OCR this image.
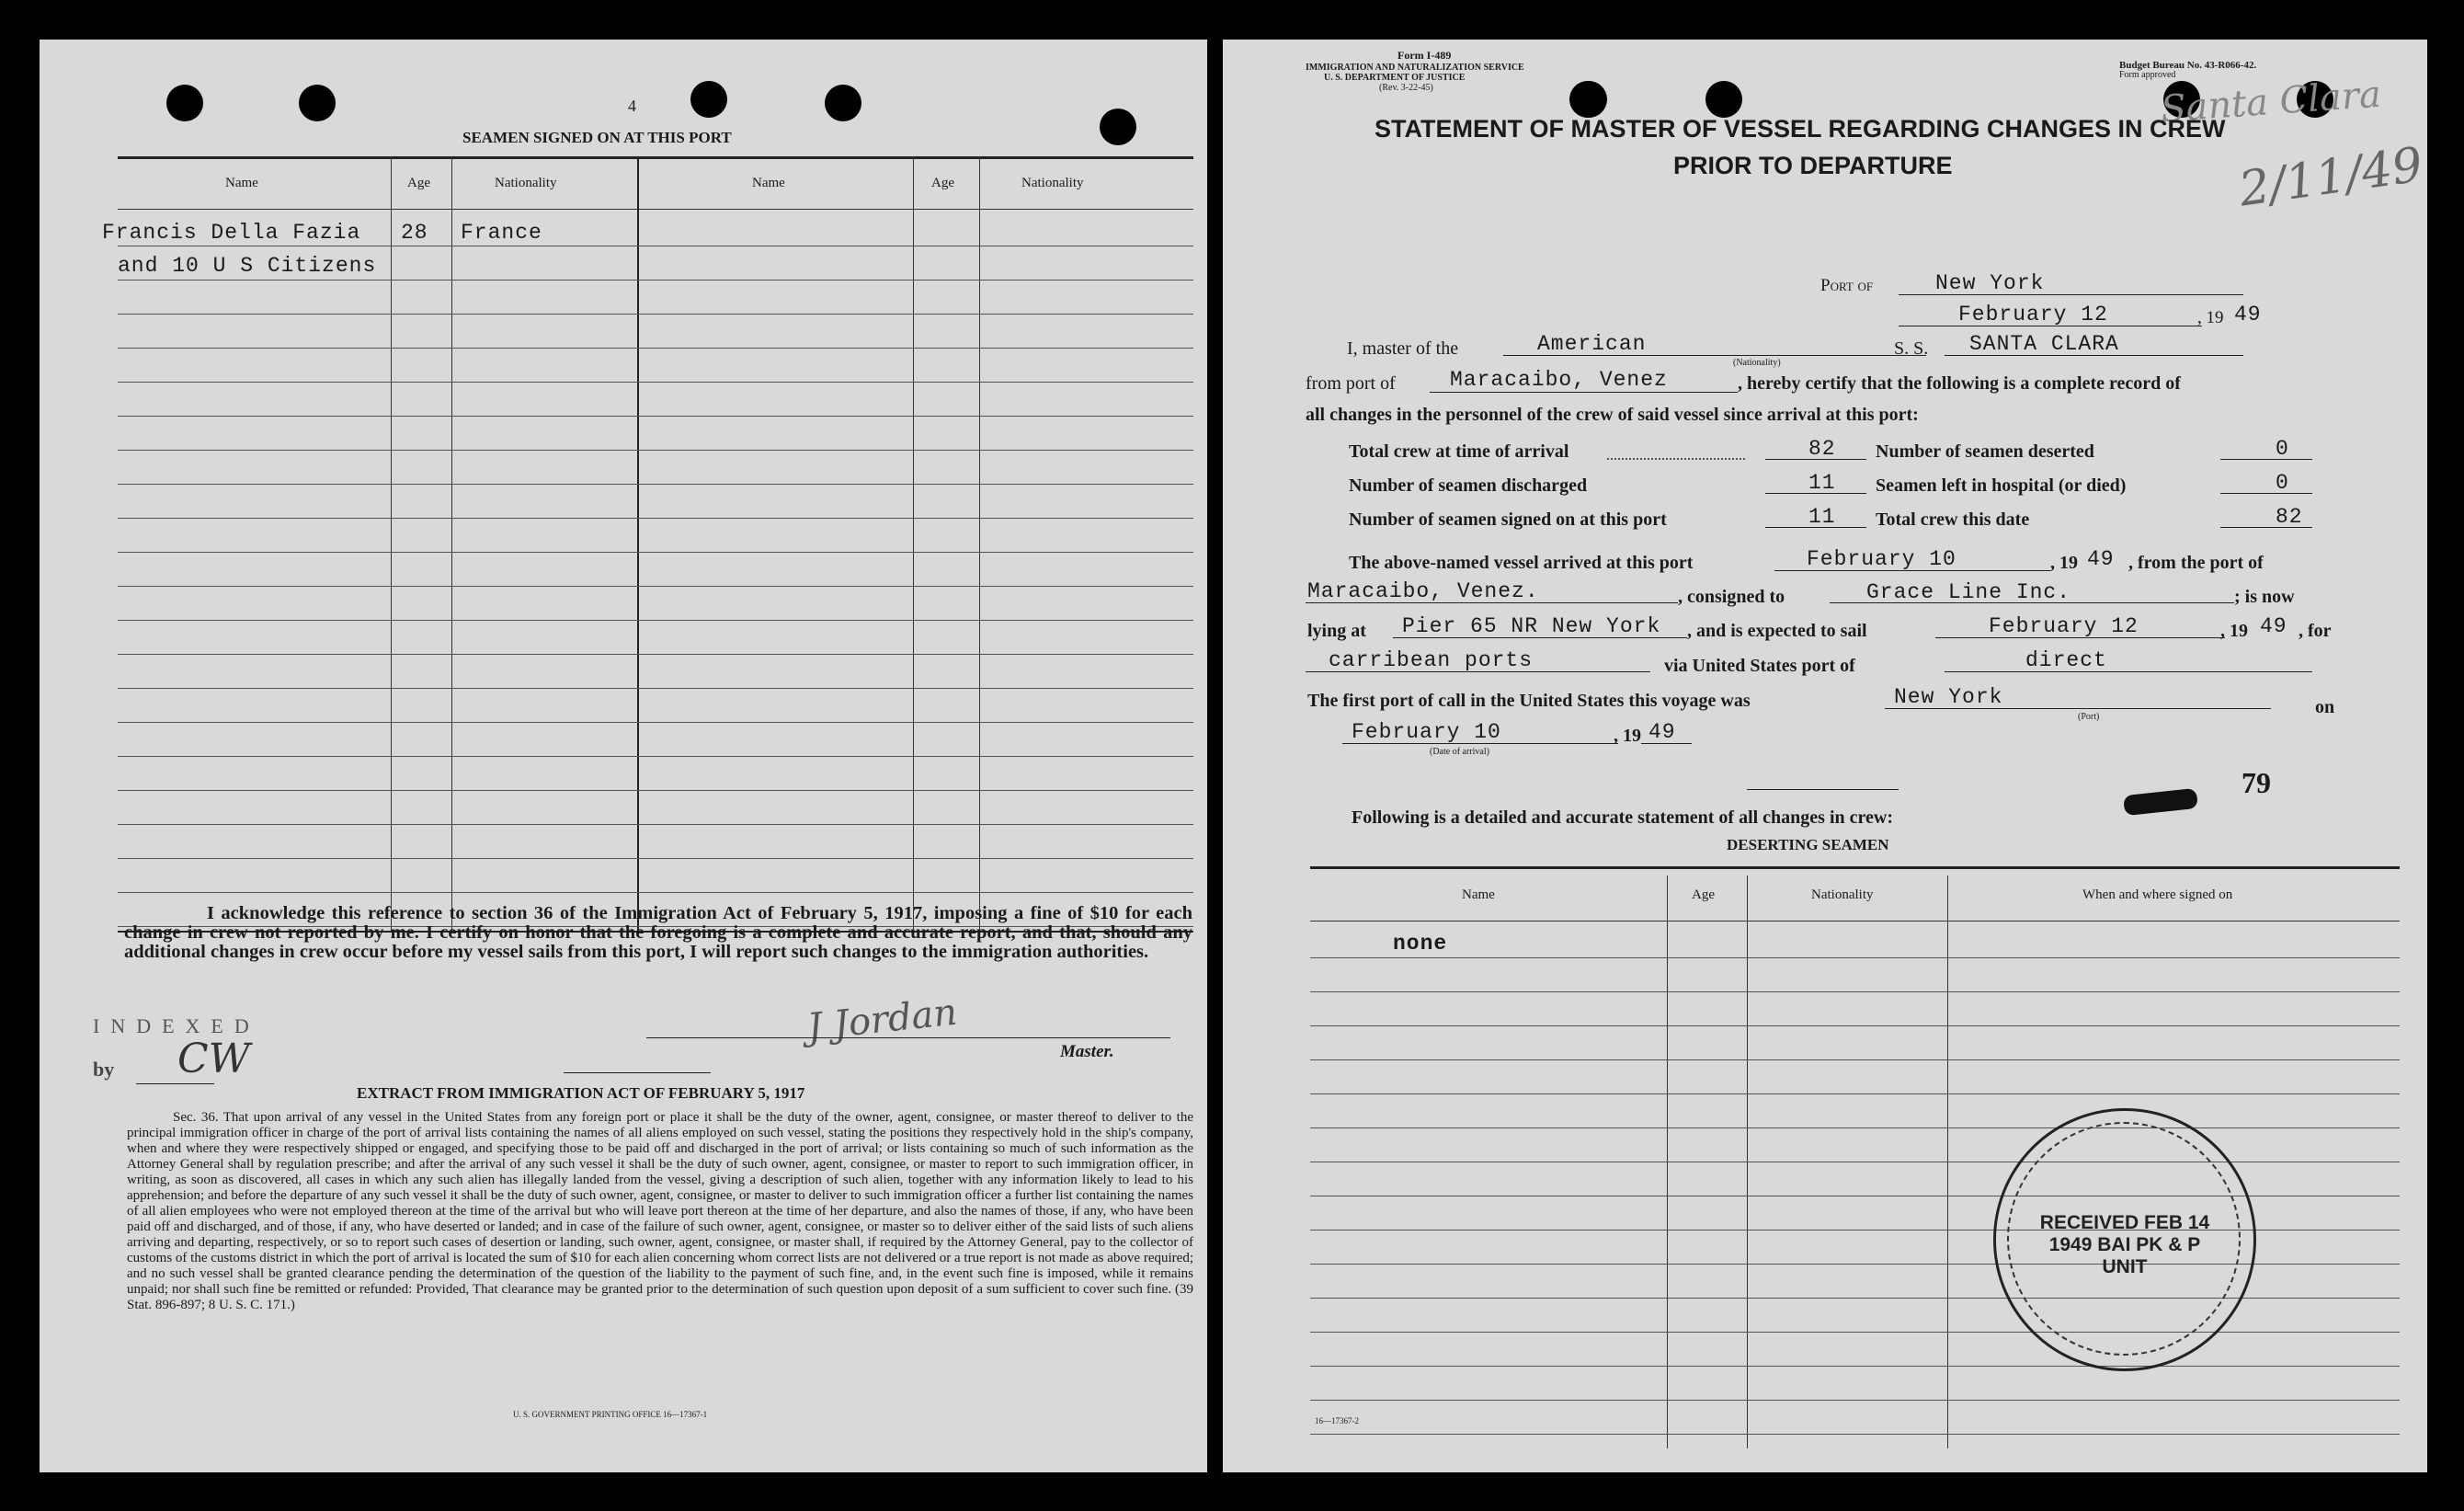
4
SEAMEN SIGNED ON AT THIS PORT
Name	Age	Nationality	Name	Age	Nationality
Francis Della Fazia 28 France
and 10 U S Citizens
I acknowledge this reference to section 36 of the Immigration Act of February 5, 1917, imposing a fine of $10 for each change in crew not reported by me. I certify on honor that the foregoing is a complete and accurate report, and that, should any additional changes in crew occur before my vessel sails from this port, I will report such changes to the immigration authorities.
J Jordan
Master.
INDEXED
by CW
EXTRACT FROM IMMIGRATION ACT OF FEBRUARY 5, 1917
Sec. 36. That upon arrival of any vessel in the United States from any foreign port or place it shall be the duty of the owner, agent, consignee, or master thereof to deliver to the principal immigration officer in charge of the port of arrival lists containing the names of all aliens employed on such vessel, stating the positions they respectively hold in the ship's company, when and where they were respectively shipped or engaged, and specifying those to be paid off and discharged in the port of arrival; or lists containing so much of such information as the Attorney General shall by regulation prescribe; and after the arrival of any such vessel it shall be the duty of such owner, agent, consignee, or master to report to such immigration officer, in writing, as soon as discovered, all cases in which any such alien has illegally landed from the vessel, giving a description of such alien, together with any information likely to lead to his apprehension; and before the departure of any such vessel it shall be the duty of such owner, agent, consignee, or master to deliver to such immigration officer a further list containing the names of all alien employees who were not employed thereon at the time of the arrival but who will leave port thereon at the time of her departure, and also the names of those, if any, who have been paid off and discharged, and of those, if any, who have deserted or landed; and in case of the failure of such owner, agent, consignee, or master so to deliver either of the said lists of such aliens arriving and departing, respectively, or so to report such cases of desertion or landing, such owner, agent, consignee, or master shall, if required by the Attorney General, pay to the collector of customs of the customs district in which the port of arrival is located the sum of $10 for each alien concerning whom correct lists are not delivered or a true report is not made as above required; and no such vessel shall be granted clearance pending the determination of the question of the liability to the payment of such fine, and, in the event such fine is imposed, while it remains unpaid; nor shall such fine be remitted or refunded: Provided, That clearance may be granted prior to the determination of such question upon deposit of a sum sufficient to cover such fine. (39 Stat. 896-897; 8 U. S. C. 171.)
U. S. GOVERNMENT PRINTING OFFICE 16—17367-1
Form I-489
IMMIGRATION AND NATURALIZATION SERVICE
U. S. DEPARTMENT OF JUSTICE
(Rev. 3-22-45)
Budget Bureau No. 43-R066-42.
Form approved
Santa Clara
2/11/49
STATEMENT OF MASTER OF VESSEL REGARDING CHANGES IN CREW
PRIOR TO DEPARTURE
Port of	New York
February 12	, 19 49
I, master of the	American
(Nationality)
S. S. SANTA CLARA
from port of	Maracaibo, Venez	, hereby certify that the following is a complete record of
all changes in the personnel of the crew of said vessel since arrival at this port:
Total crew at time of arrival	82
Number of seamen discharged	11
Number of seamen signed on at this port	11
Number of seamen deserted	0
Seamen left in hospital (or died)	0
Total crew this date	82
The above-named vessel arrived at this port	February 10	, 19 49 , from the port of
Maracaibo, Venez.	, consigned to	Grace Line Inc.	; is now
lying at Pier 65 NR New York , and is expected to sail	February 12	, 19 49 , for
carribean ports	via United States port of	direct
The first port of call in the United States this voyage was	New York
(Port)	on
February 10
(Date of arrival)
, 19 49
79
Following is a detailed and accurate statement of all changes in crew:
DESERTING SEAMEN
Name	Age	Nationality	When and where signed on
none
16—17367-2
RECEIVED FEB 14 1949 BAI PK & P UNIT
